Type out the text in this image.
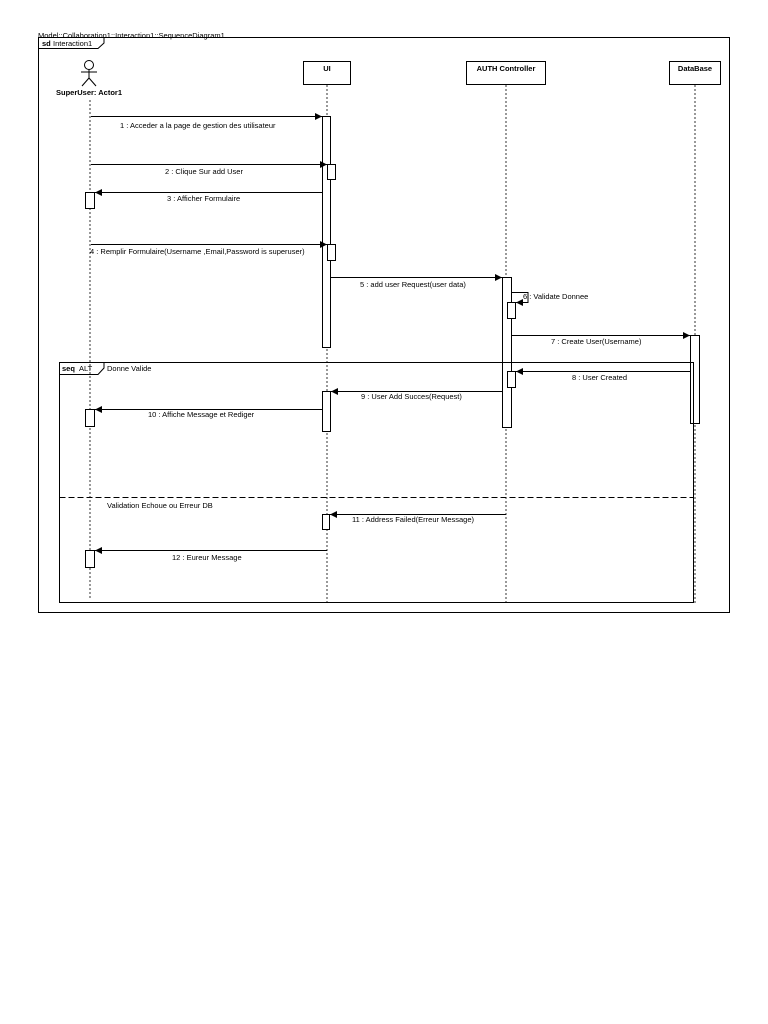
Model::Collaboration1::Interaction1::SequenceDiagram1
sd Interaction1
SuperUser: Actor1
UI	AUTH Controller	DataBase
seq ALT Donne Valide
Validation Echoue ou Erreur DB
1 : Acceder a la page de gestion des utilisateur
2 : Clique Sur add User
3 : Afficher Formulaire
4 : Remplir Formulaire(Username ,Email,Password is superuser)
5 : add user Request(user data)
6 : Validate Donnee
7 : Create User(Username)
8 : User Created
9 : User Add Succes(Request)
10 : Affiche Message et Rediger
11 : Address Failed(Erreur Message)
12 : Eureur Message
